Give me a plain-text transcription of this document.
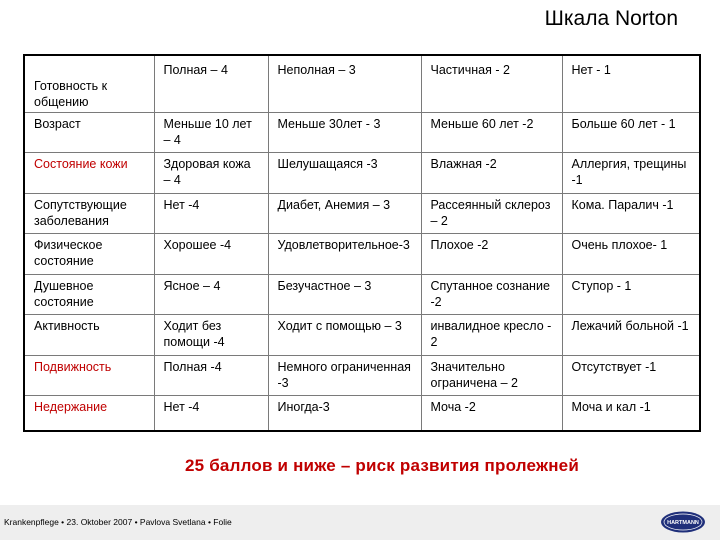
Шкала Norton
Готовность к общению	Полная – 4	Неполная – 3	Частичная - 2	Нет - 1
Возраст	Меньше 10 лет – 4	Меньше 30лет - 3	Меньше 60 лет -2	Больше 60 лет - 1
Состояние кожи	Здоровая кожа – 4	Шелушащаяся -3	Влажная -2	Аллергия, трещины -1
Сопутствующие заболевания	Нет -4	Диабет, Анемия – 3	Рассеянный склероз – 2	Кома. Паралич -1
Физическое состояние	Хорошее -4	Удовлетворительное-3	Плохое -2	Очень плохое- 1
Душевное состояние	Ясное – 4	Безучастное – 3	Спутанное сознание -2	Ступор - 1
Активность	Ходит без помощи -4	Ходит с помощью – 3	инвалидное кресло - 2	Лежачий больной -1
Подвижность	Полная -4	Немного ограниченная -3	Значительно ограничена – 2	Отсутствует -1
Недержание	Нет -4	Иногда-3	Моча -2	Моча и кал -1
25 баллов и ниже – риск развития пролежней
Krankenpflege • 23. Oktober 2007 • Pavlova Svetlana • Folie	HARTMANN
